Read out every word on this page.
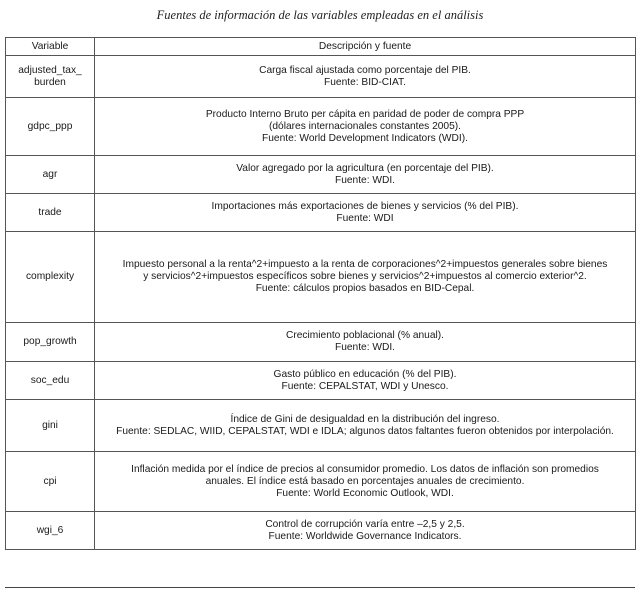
Fuentes de información de las variables empleadas en el análisis
Variable	Descripción y fuente

adjusted_tax_
burden	Carga fiscal ajustada como porcentaje del PIB.
Fuente: BID-CIAT.

gdpc_ppp	Producto Interno Bruto per cápita en paridad de poder de compra PPP
(dólares internacionales constantes 2005).
Fuente: World Development Indicators (WDI).

agr	Valor agregado por la agricultura (en porcentaje del PIB).
Fuente: WDI.

trade	Importaciones más exportaciones de bienes y servicios (% del PIB).
Fuente: WDI

complexity	Impuesto personal a la renta^2+impuesto a la renta de corporaciones^2+impuestos generales sobre bienes
y servicios^2+impuestos específicos sobre bienes y servicios^2+impuestos al comercio exterior^2.
Fuente: cálculos propios basados en BID-Cepal.

pop_growth	Crecimiento poblacional (% anual).
Fuente: WDI.

soc_edu	Gasto público en educación (% del PIB).
Fuente: CEPALSTAT, WDI y Unesco.

gini	Índice de Gini de desigualdad en la distribución del ingreso.
Fuente: SEDLAC, WIID, CEPALSTAT, WDI e IDLA; algunos datos faltantes fueron obtenidos por interpolación.

cpi	Inflación medida por el índice de precios al consumidor promedio. Los datos de inflación son promedios
anuales. El índice está basado en porcentajes anuales de crecimiento.
Fuente: World Economic Outlook, WDI.

wgi_6	Control de corrupción varía entre –2,5 y 2,5.
Fuente: Worldwide Governance Indicators.
